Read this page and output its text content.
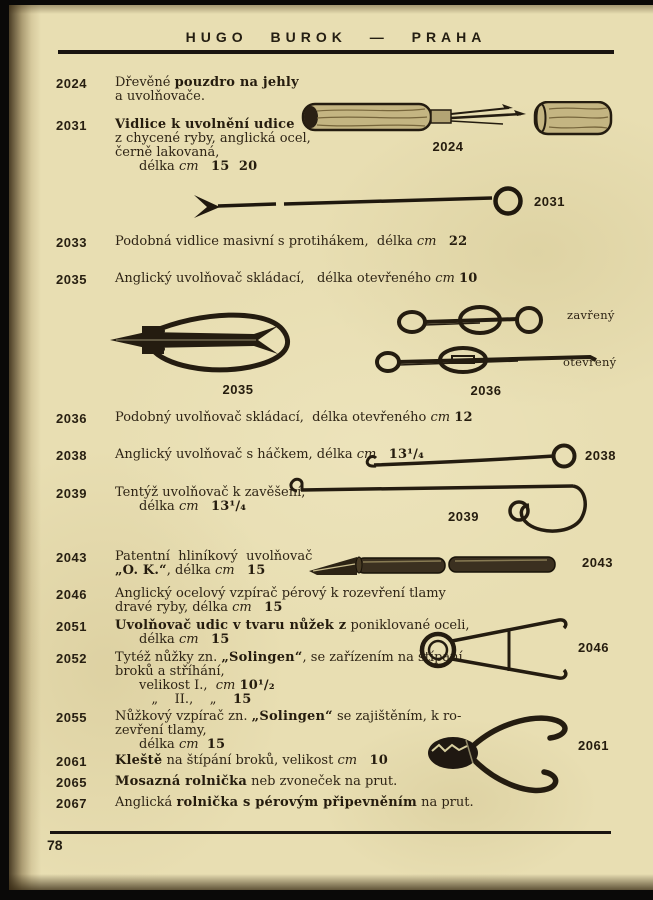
HUGO BUROK — PRAHA
2024 Dřevěné pouzdro na jehly
a uvolňovače.
2031 Vidlice k uvolnění udice
z chycené ryby, anglická ocel,
černě lakovaná,
délka cm 15  20
2033 Podobná vidlice masivní s protihákem,  délka cm 22
2035 Anglický uvolňovač skládací,   délka otevřeného cm 10
2036 Podobný uvolňovač skládací,  délka otevřeného cm 12
2038 Anglický uvolňovač s háčkem, délka cm 13¹/₄
2039 Tentýž uvolňovač k zavěšení,
délka cm 13¹/₄
2043 Patentní  hliníkový  uvolňovač
„O. K.“, délka cm 15
2046 Anglický ocelový vzpírač pérový k rozevření tlamy
dravé ryby, délka cm 15
2051 Uvolňovač udic v tvaru nůžek z poniklované oceli,
délka cm 15
2052 Tytéž nůžky zn. „Solingen“, se zařízením na štípání
broků a stříhání,
velikost I.,  cm 10¹/₂
„    II.,    „    15
2055 Nůžkový vzpírač zn. „Solingen“ se zajištěním, k ro-
zevření tlamy,
délka cm 15
2061 Kleště na štípání broků, velikost cm 10
2065 Mosazná rolnička neb zvoneček na prut.
2067 Anglická rolnička s pérovým připevněním na prut.
2024
2031
2035
zavřený
otevřený
2036
2038
2039
2043
2046
2061
78
